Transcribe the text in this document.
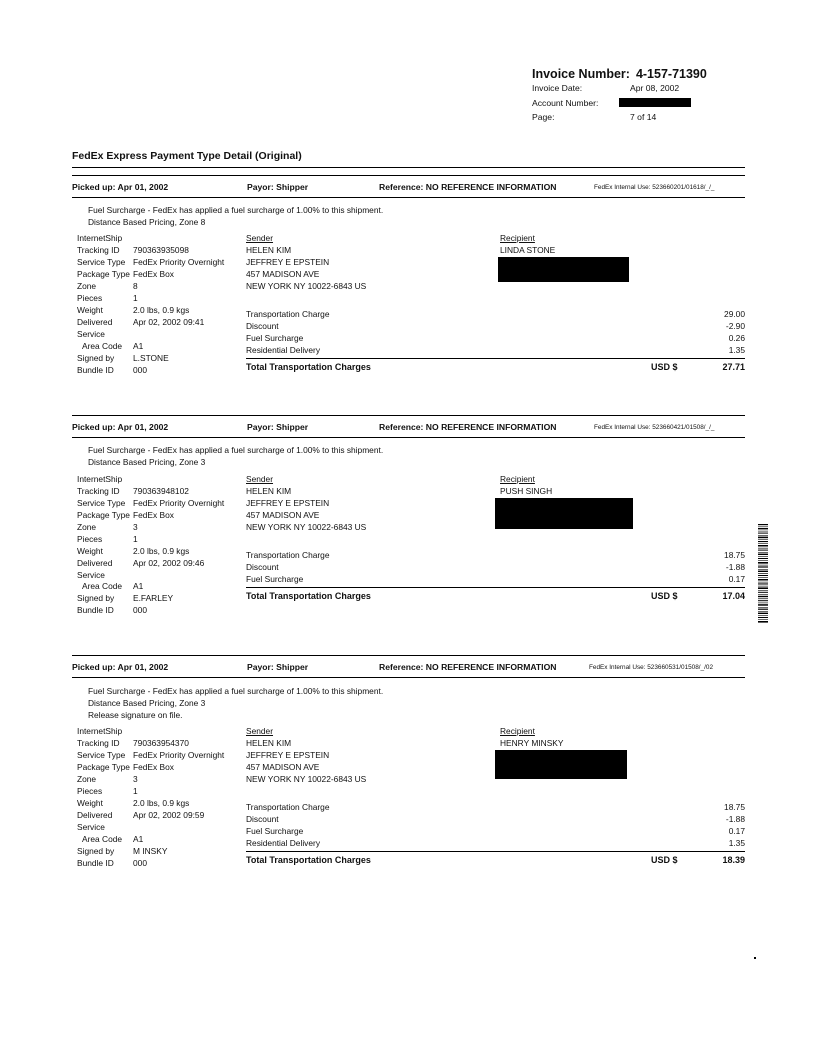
Invoice Number: 4-157-71390
Invoice Date:	Apr 08, 2002
Account Number:
Page:	7 of 14
FedEx Express Payment Type Detail (Original)
Picked up: Apr 01, 2002	Payor: Shipper	Reference: NO REFERENCE INFORMATION	FedEx Internal Use: 523660201/01618/_/_
Fuel Surcharge - FedEx has applied a fuel surcharge of 1.00% to this shipment.
Distance Based Pricing, Zone 8
InternetShip
Tracking ID 790363935098
Service Type FedEx Priority Overnight
Package Type FedEx Box
Zone	8
Pieces	1
Weight	2.0 lbs, 0.9 kgs
Delivered Apr 02, 2002 09:41
Service
Area Code A1
Signed by L.STONE
Bundle ID 000
Sender
HELEN KIM
JEFFREY E EPSTEIN
457 MADISON AVE
NEW YORK NY 10022-6843 US
Recipient
LINDA STONE
Transportation Charge	29.00
Discount	-2.90
Fuel Surcharge	0.26
Residential Delivery	1.35
Total Transportation Charges	USD $	27.71
Picked up: Apr 01, 2002	Payor: Shipper	Reference: NO REFERENCE INFORMATION	FedEx Internal Use: 523660421/01508/_/_
Fuel Surcharge - FedEx has applied a fuel surcharge of 1.00% to this shipment.
Distance Based Pricing, Zone 3
InternetShip
Tracking ID 790363948102
Service Type FedEx Priority Overnight
Package Type FedEx Box
Zone	3
Pieces	1
Weight	2.0 lbs, 0.9 kgs
Delivered Apr 02, 2002 09:46
Service
Area Code A1
Signed by E.FARLEY
Bundle ID 000
Sender
HELEN KIM
JEFFREY E EPSTEIN
457 MADISON AVE
NEW YORK NY 10022-6843 US
Recipient
PUSH SINGH
Transportation Charge	18.75
Discount	-1.88
Fuel Surcharge	0.17
Total Transportation Charges	USD $	17.04
Picked up: Apr 01, 2002	Payor: Shipper	Reference: NO REFERENCE INFORMATION	FedEx Internal Use: 523660531/01508/_/02
Fuel Surcharge - FedEx has applied a fuel surcharge of 1.00% to this shipment.
Distance Based Pricing, Zone 3
Release signature on file.
InternetShip
Tracking ID 790363954370
Service Type FedEx Priority Overnight
Package Type FedEx Box
Zone	3
Pieces	1
Weight	2.0 lbs, 0.9 kgs
Delivered Apr 02, 2002 09:59
Service
Area Code A1
Signed by M INSKY
Bundle ID 000
Sender
HELEN KIM
JEFFREY E EPSTEIN
457 MADISON AVE
NEW YORK NY 10022-6843 US
Recipient
HENRY MINSKY
Transportation Charge	18.75
Discount	-1.88
Fuel Surcharge	0.17
Residential Delivery	1.35
Total Transportation Charges	USD $	18.39
